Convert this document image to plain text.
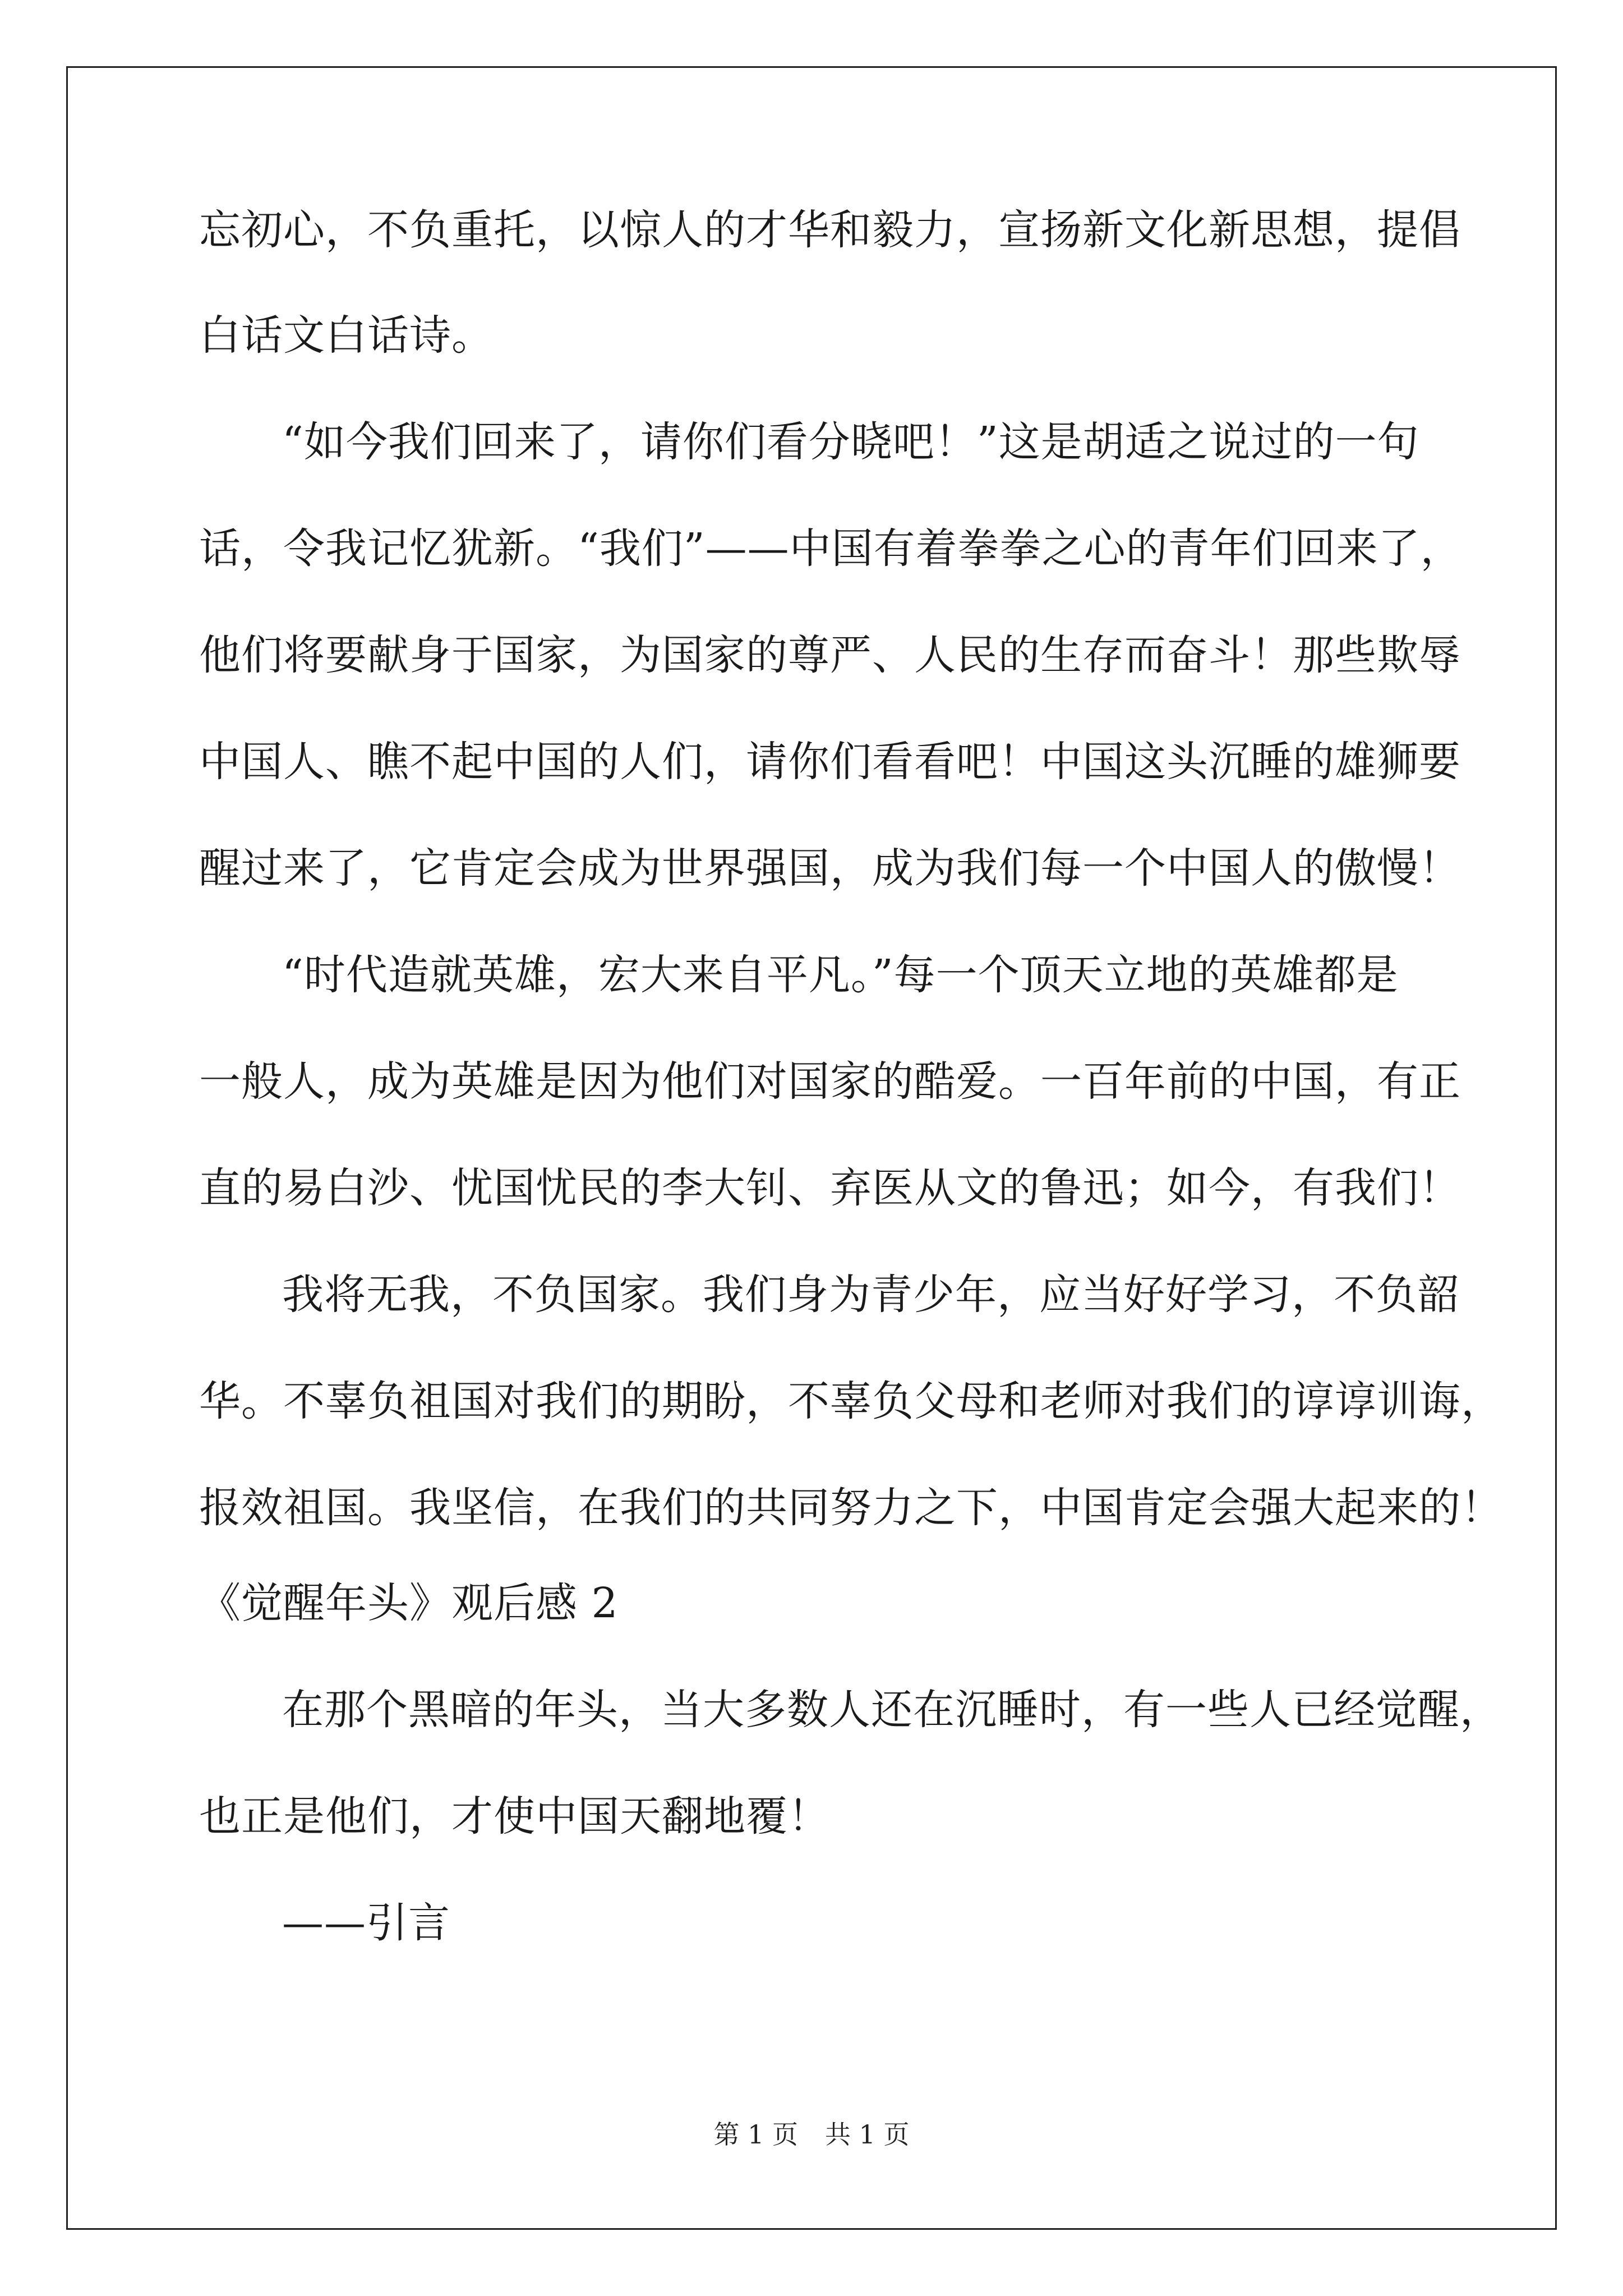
忘初心，不负重托，以惊人的才华和毅力，宣扬新文化新思想，提倡
白话文白话诗。
“如今我们回来了，请你们看分晓吧！”这是胡适之说过的一句
话，令我记忆犹新。“我们”——中国有着拳拳之心的青年们回来了，
他们将要献身于国家，为国家的尊严、人民的生存而奋斗！那些欺辱
中国人、瞧不起中国的人们，请你们看看吧！中国这头沉睡的雄狮要
醒过来了，它肯定会成为世界强国，成为我们每一个中国人的傲慢！
“时代造就英雄，宏大来自平凡。”每一个顶天立地的英雄都是
一般人，成为英雄是因为他们对国家的酷爱。一百年前的中国，有正
直的易白沙、忧国忧民的李大钊、弃医从文的鲁迅；如今，有我们！
我将无我，不负国家。我们身为青少年，应当好好学习，不负韶
华。不辜负祖国对我们的期盼，不辜负父母和老师对我们的谆谆训诲，
报效祖国。我坚信，在我们的共同努力之下，中国肯定会强大起来的！
《觉醒年头》观后感 2
在那个黑暗的年头，当大多数人还在沉睡时，有一些人已经觉醒，
也正是他们，才使中国天翻地覆！
——引言
第 1 页 共 1 页
